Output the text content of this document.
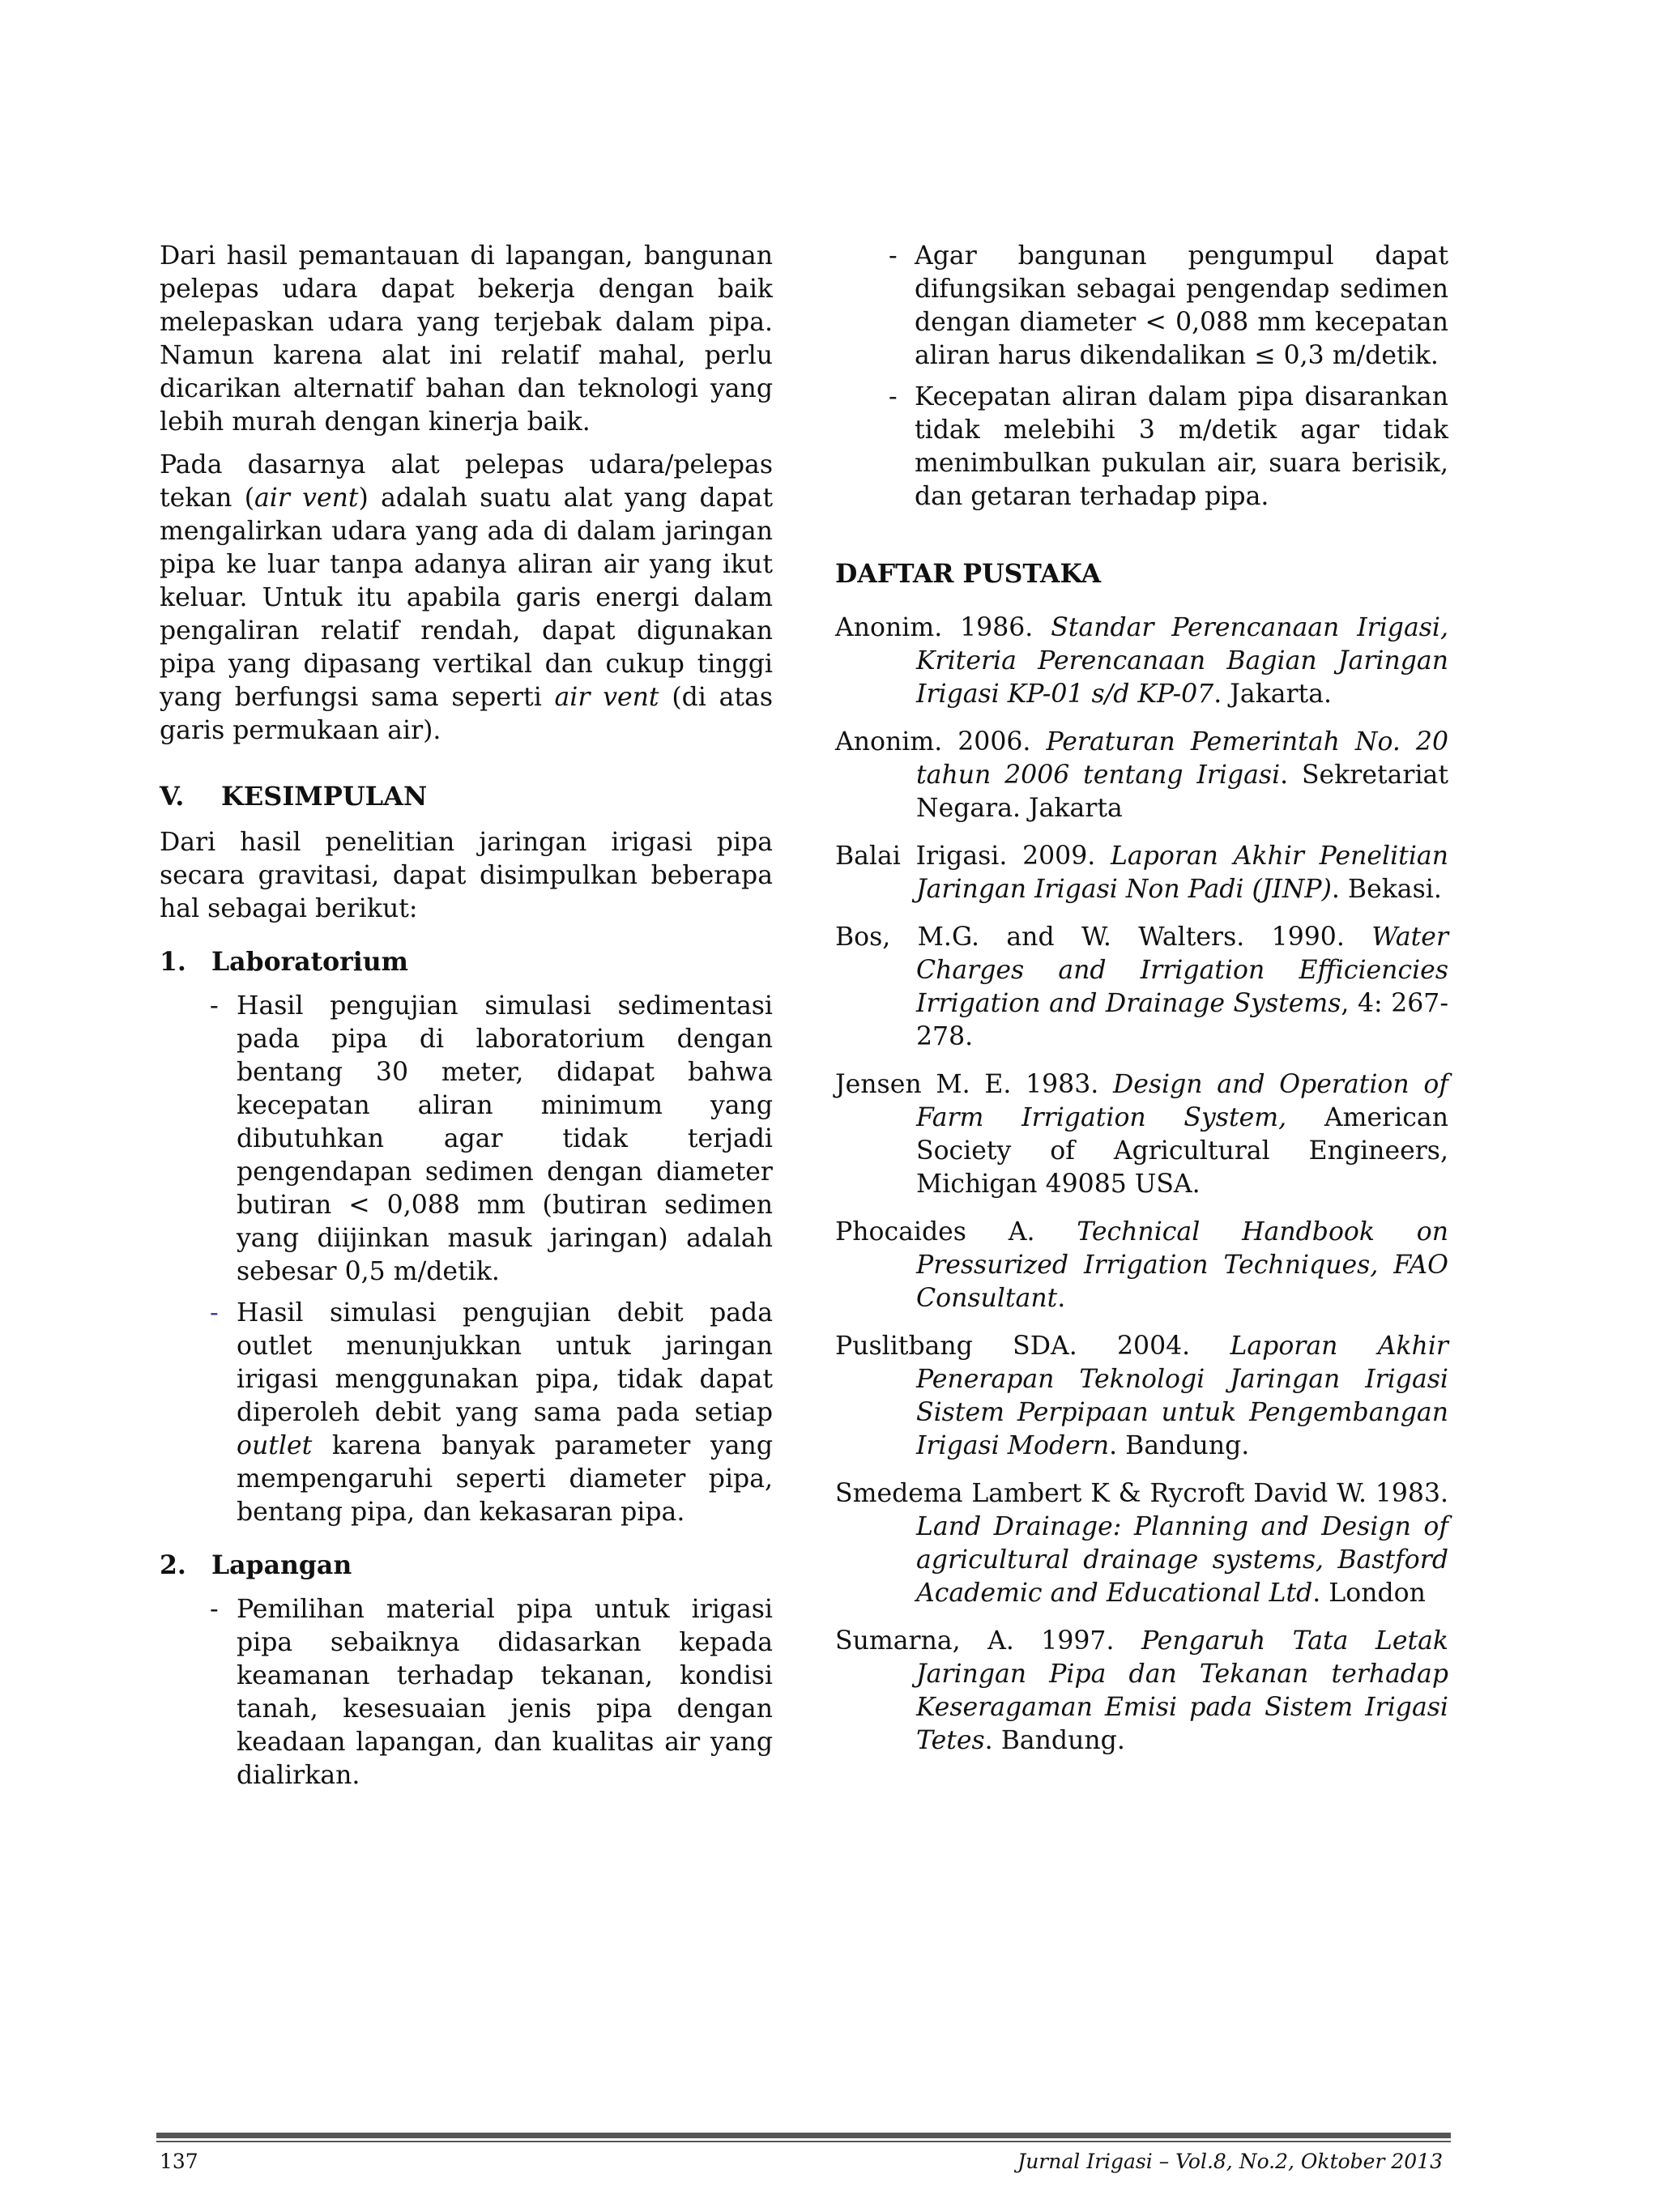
Dari hasil pemantauan di lapangan, bangunan pelepas udara dapat bekerja dengan baik melepaskan udara yang terjebak dalam pipa. Namun karena alat ini relatif mahal, perlu dicarikan alternatif bahan dan teknologi yang lebih murah dengan kinerja baik.

Pada dasarnya alat pelepas udara/pelepas tekan (air vent) adalah suatu alat yang dapat mengalirkan udara yang ada di dalam jaringan pipa ke luar tanpa adanya aliran air yang ikut keluar. Untuk itu apabila garis energi dalam pengaliran relatif rendah, dapat digunakan pipa yang dipasang vertikal dan cukup tinggi yang berfungsi sama seperti air vent (di atas garis permukaan air).

V. KESIMPULAN

Dari hasil penelitian jaringan irigasi pipa secara gravitasi, dapat disimpulkan beberapa hal sebagai berikut:

1. Laboratorium
- Hasil pengujian simulasi sedimentasi pada pipa di laboratorium dengan bentang 30 meter, didapat bahwa kecepatan aliran minimum yang dibutuhkan agar tidak terjadi pengendapan sedimen dengan diameter butiran < 0,088 mm (butiran sedimen yang diijinkan masuk jaringan) adalah sebesar 0,5 m/detik.
- Hasil simulasi pengujian debit pada outlet menunjukkan untuk jaringan irigasi menggunakan pipa, tidak dapat diperoleh debit yang sama pada setiap outlet karena banyak parameter yang mempengaruhi seperti diameter pipa, bentang pipa, dan kekasaran pipa.
2. Lapangan
- Pemilihan material pipa untuk irigasi pipa sebaiknya didasarkan kepada keamanan terhadap tekanan, kondisi tanah, kesesuaian jenis pipa dengan keadaan lapangan, dan kualitas air yang dialirkan.
- Agar bangunan pengumpul dapat difungsikan sebagai pengendap sedimen dengan diameter < 0,088 mm kecepatan aliran harus dikendalikan ≤ 0,3 m/detik.
- Kecepatan aliran dalam pipa disarankan tidak melebihi 3 m/detik agar tidak menimbulkan pukulan air, suara berisik, dan getaran terhadap pipa.
DAFTAR PUSTAKA
Anonim. 1986. Standar Perencanaan Irigasi, Kriteria Perencanaan Bagian Jaringan Irigasi KP-01 s/d KP-07. Jakarta.
Anonim. 2006. Peraturan Pemerintah No. 20 tahun 2006 tentang Irigasi. Sekretariat Negara. Jakarta
Balai Irigasi. 2009. Laporan Akhir Penelitian Jaringan Irigasi Non Padi (JINP). Bekasi.
Bos, M.G. and W. Walters. 1990. Water Charges and Irrigation Efficiencies Irrigation and Drainage Systems, 4: 267-278.
Jensen M. E. 1983. Design and Operation of Farm Irrigation System, American Society of Agricultural Engineers, Michigan 49085 USA.
Phocaides A. Technical Handbook on Pressurized Irrigation Techniques, FAO Consultant.
Puslitbang SDA. 2004. Laporan Akhir Penerapan Teknologi Jaringan Irigasi Sistem Perpipaan untuk Pengembangan Irigasi Modern. Bandung.
Smedema Lambert K & Rycroft David W. 1983. Land Drainage: Planning and Design of agricultural drainage systems, Bastford Academic and Educational Ltd. London
Sumarna, A. 1997. Pengaruh Tata Letak Jaringan Pipa dan Tekanan terhadap Keseragaman Emisi pada Sistem Irigasi Tetes. Bandung.
137	Jurnal Irigasi – Vol.8, No.2, Oktober 2013
